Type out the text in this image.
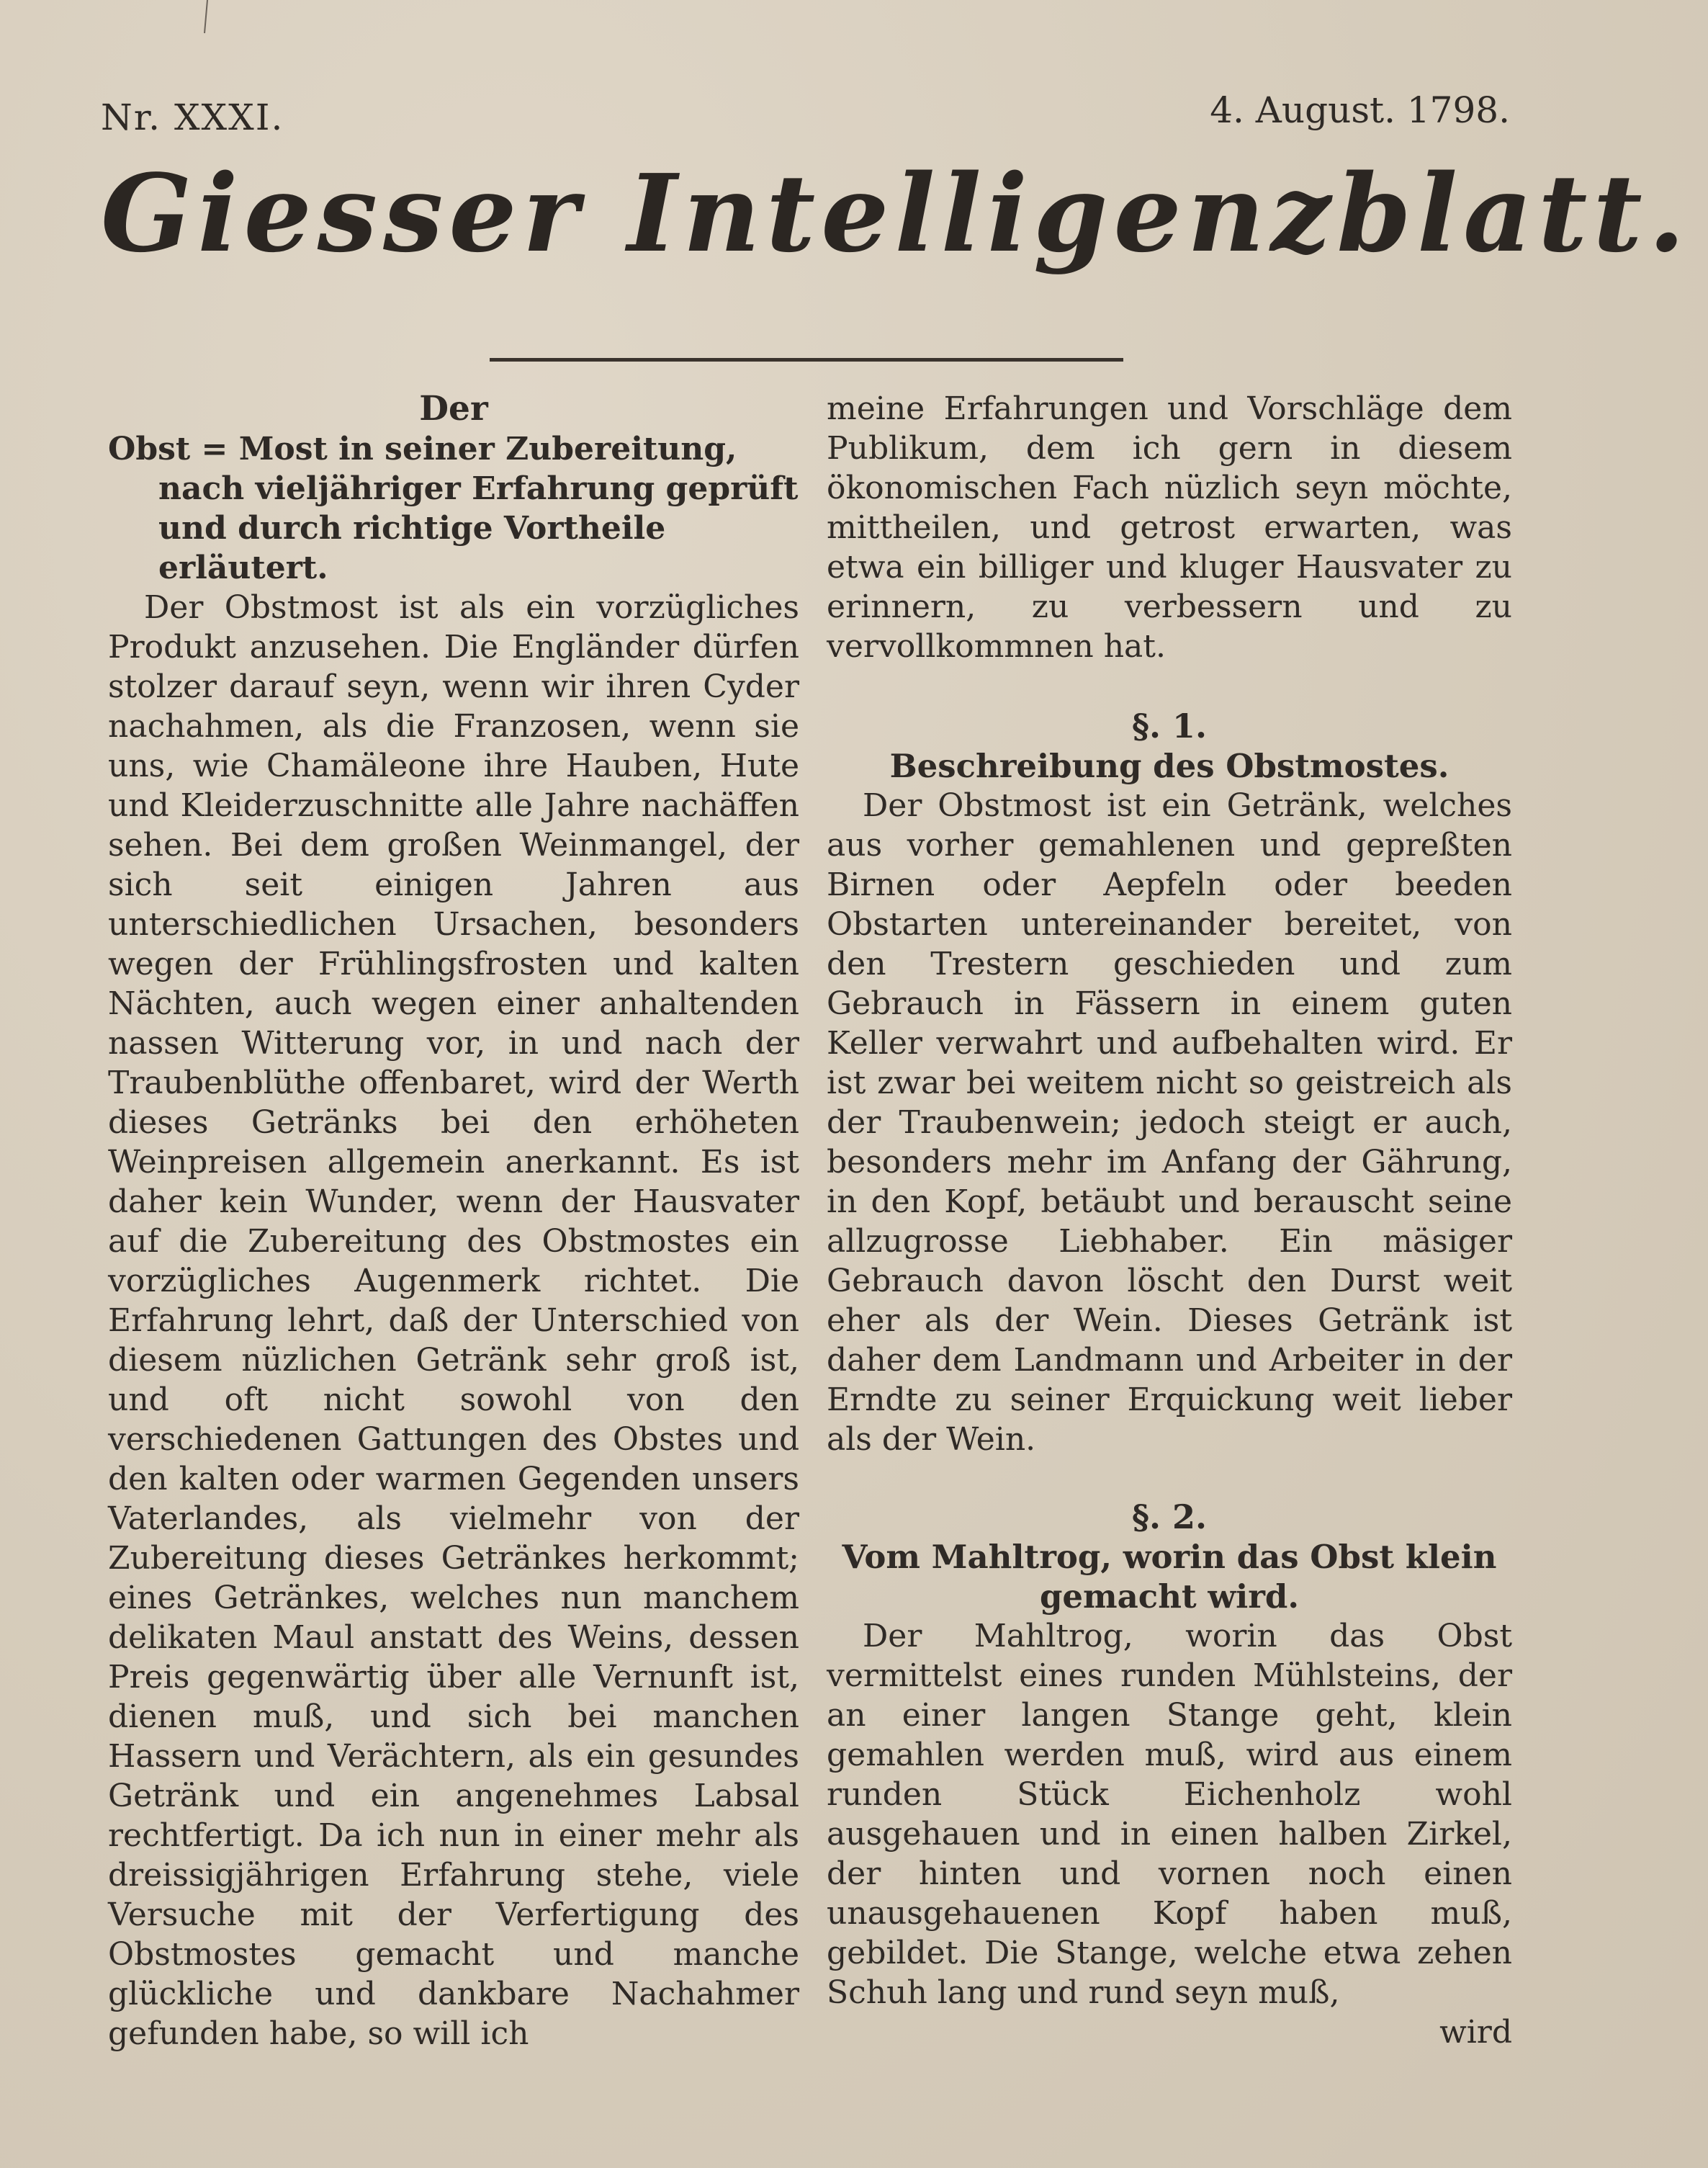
Nr. XXXI.	4. August. 1798.
Giesser Intelligenzblatt.

Der

Obst = Most in seiner Zubereitung, nach vieljähriger Erfahrung geprüft und durch richtige Vortheile erläutert.

Der Obstmost ist als ein vorzügliches Produkt anzusehen. Die Engländer dürfen stolzer darauf seyn, wenn wir ihren Cyder nachahmen, als die Franzosen, wenn sie uns, wie Chamäleone ihre Hauben, Hute und Kleiderzuschnitte alle Jahre nachäffen sehen. Bei dem großen Weinmangel, der sich seit einigen Jahren aus unterschiedlichen Ursachen, besonders wegen der Frühlingsfrosten und kalten Nächten, auch wegen einer anhaltenden nassen Witterung vor, in und nach der Traubenblüthe offenbaret, wird der Werth dieses Getränks bei den erhöheten Weinpreisen allgemein anerkannt. Es ist daher kein Wunder, wenn der Hausvater auf die Zubereitung des Obstmostes ein vorzügliches Augenmerk richtet. Die Erfahrung lehrt, daß der Unterschied von diesem nüzlichen Getränk sehr groß ist, und oft nicht sowohl von den verschiedenen Gattungen des Obstes und den kalten oder warmen Gegenden unsers Vaterlandes, als vielmehr von der Zubereitung dieses Getränkes herkommt; eines Getränkes, welches nun manchem delikaten Maul anstatt des Weins, dessen Preis gegenwärtig über alle Vernunft ist, dienen muß, und sich bei manchen Hassern und Verächtern, als ein gesundes Getränk und ein angenehmes Labsal rechtfertigt. Da ich nun in einer mehr als dreissigjährigen Erfahrung stehe, viele Versuche mit der Verfertigung des Obstmostes gemacht und manche glückliche und dankbare Nachahmer gefunden habe, so will ich

meine Erfahrungen und Vorschläge dem Publikum, dem ich gern in diesem ökonomischen Fach nüzlich seyn möchte, mittheilen, und getrost erwarten, was etwa ein billiger und kluger Hausvater zu erinnern, zu verbessern und zu vervollkommnen hat.

§. 1.

Beschreibung des Obstmostes.

Der Obstmost ist ein Getränk, welches aus vorher gemahlenen und gepreßten Birnen oder Aepfeln oder beeden Obstarten untereinander bereitet, von den Trestern geschieden und zum Gebrauch in Fässern in einem guten Keller verwahrt und aufbehalten wird. Er ist zwar bei weitem nicht so geistreich als der Traubenwein; jedoch steigt er auch, besonders mehr im Anfang der Gährung, in den Kopf, betäubt und berauscht seine allzugrosse Liebhaber. Ein mäsiger Gebrauch davon löscht den Durst weit eher als der Wein. Dieses Getränk ist daher dem Landmann und Arbeiter in der Erndte zu seiner Erquickung weit lieber als der Wein.

§. 2.

Vom Mahltrog, worin das Obst klein gemacht wird.

Der Mahltrog, worin das Obst vermittelst eines runden Mühlsteins, der an einer langen Stange geht, klein gemahlen werden muß, wird aus einem runden Stück Eichenholz wohl ausgehauen und in einen halben Zirkel, der hinten und vornen noch einen unausgehauenen Kopf haben muß, gebildet. Die Stange, welche etwa zehen Schuh lang und rund seyn muß,

wird
